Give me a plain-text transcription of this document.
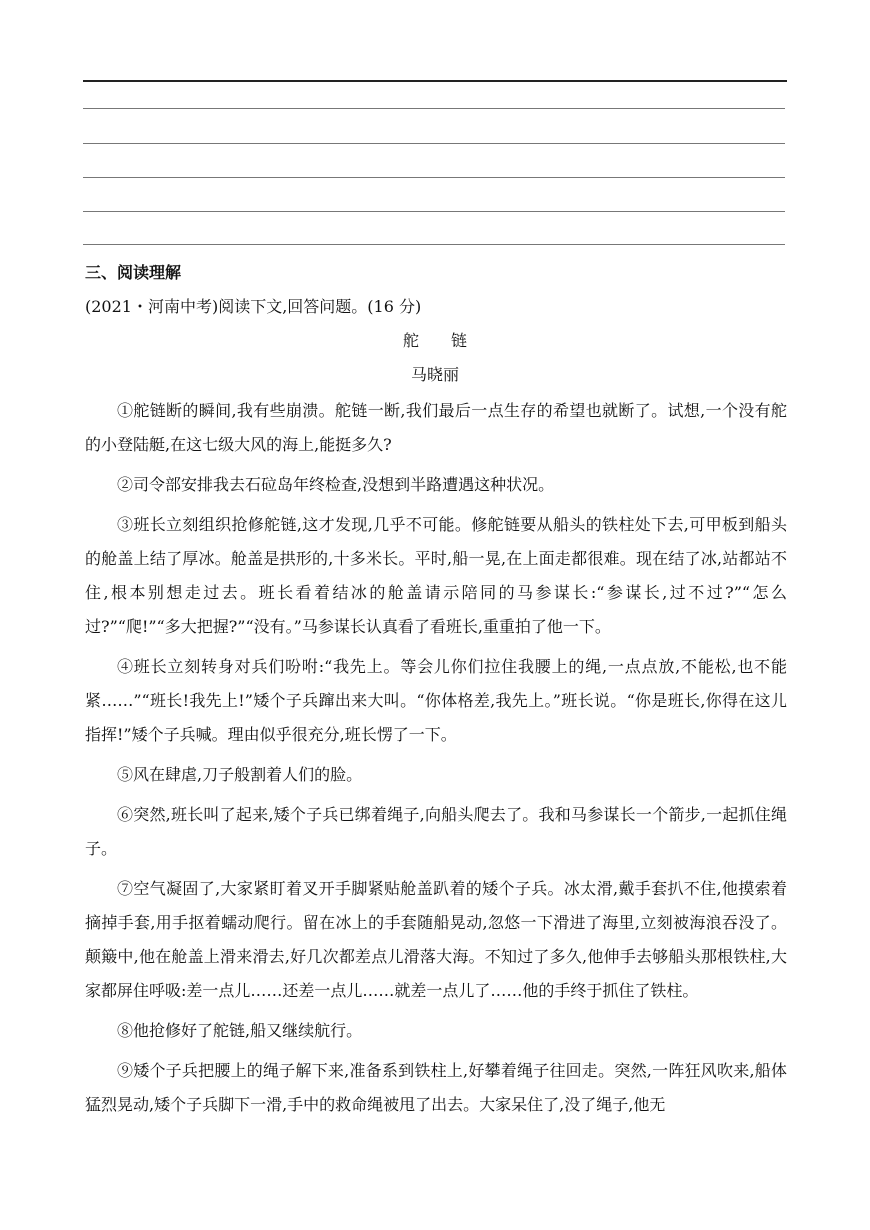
三、阅读理解
(2021・河南中考)阅读下文,回答问题。(16 分)
舵　　链
马晓丽

①舵链断的瞬间,我有些崩溃。舵链一断,我们最后一点生存的希望也就断了。试想,一个没有舵的小登陆艇,在这七级大风的海上,能挺多久?

②司令部安排我去石砬岛年终检查,没想到半路遭遇这种状况。

③班长立刻组织抢修舵链,这才发现,几乎不可能。修舵链要从船头的铁柱处下去,可甲板到船头的舱盖上结了厚冰。舱盖是拱形的,十多米长。平时,船一晃,在上面走都很难。现在结了冰,站都站不住,根本别想走过去。班长看着结冰的舱盖请示陪同的马参谋长:“参谋长,过不过?”“怎么过?”“爬!”“多大把握?”“没有。”马参谋长认真看了看班长,重重拍了他一下。

④班长立刻转身对兵们吩咐:“我先上。等会儿你们拉住我腰上的绳,一点点放,不能松,也不能紧……”“班长!我先上!”矮个子兵蹿出来大叫。“你体格差,我先上。”班长说。“你是班长,你得在这儿指挥!”矮个子兵喊。理由似乎很充分,班长愣了一下。

⑤风在肆虐,刀子般割着人们的脸。

⑥突然,班长叫了起来,矮个子兵已绑着绳子,向船头爬去了。我和马参谋长一个箭步,一起抓住绳子。

⑦空气凝固了,大家紧盯着叉开手脚紧贴舱盖趴着的矮个子兵。冰太滑,戴手套扒不住,他摸索着摘掉手套,用手抠着蠕动爬行。留在冰上的手套随船晃动,忽悠一下滑进了海里,立刻被海浪吞没了。颠簸中,他在舱盖上滑来滑去,好几次都差点儿滑落大海。不知过了多久,他伸手去够船头那根铁柱,大家都屏住呼吸:差一点儿……还差一点儿……就差一点儿了……他的手终于抓住了铁柱。

⑧他抢修好了舵链,船又继续航行。

⑨矮个子兵把腰上的绳子解下来,准备系到铁柱上,好攀着绳子往回走。突然,一阵狂风吹来,船体猛烈晃动,矮个子兵脚下一滑,手中的救命绳被甩了出去。大家呆住了,没了绳子,他无
